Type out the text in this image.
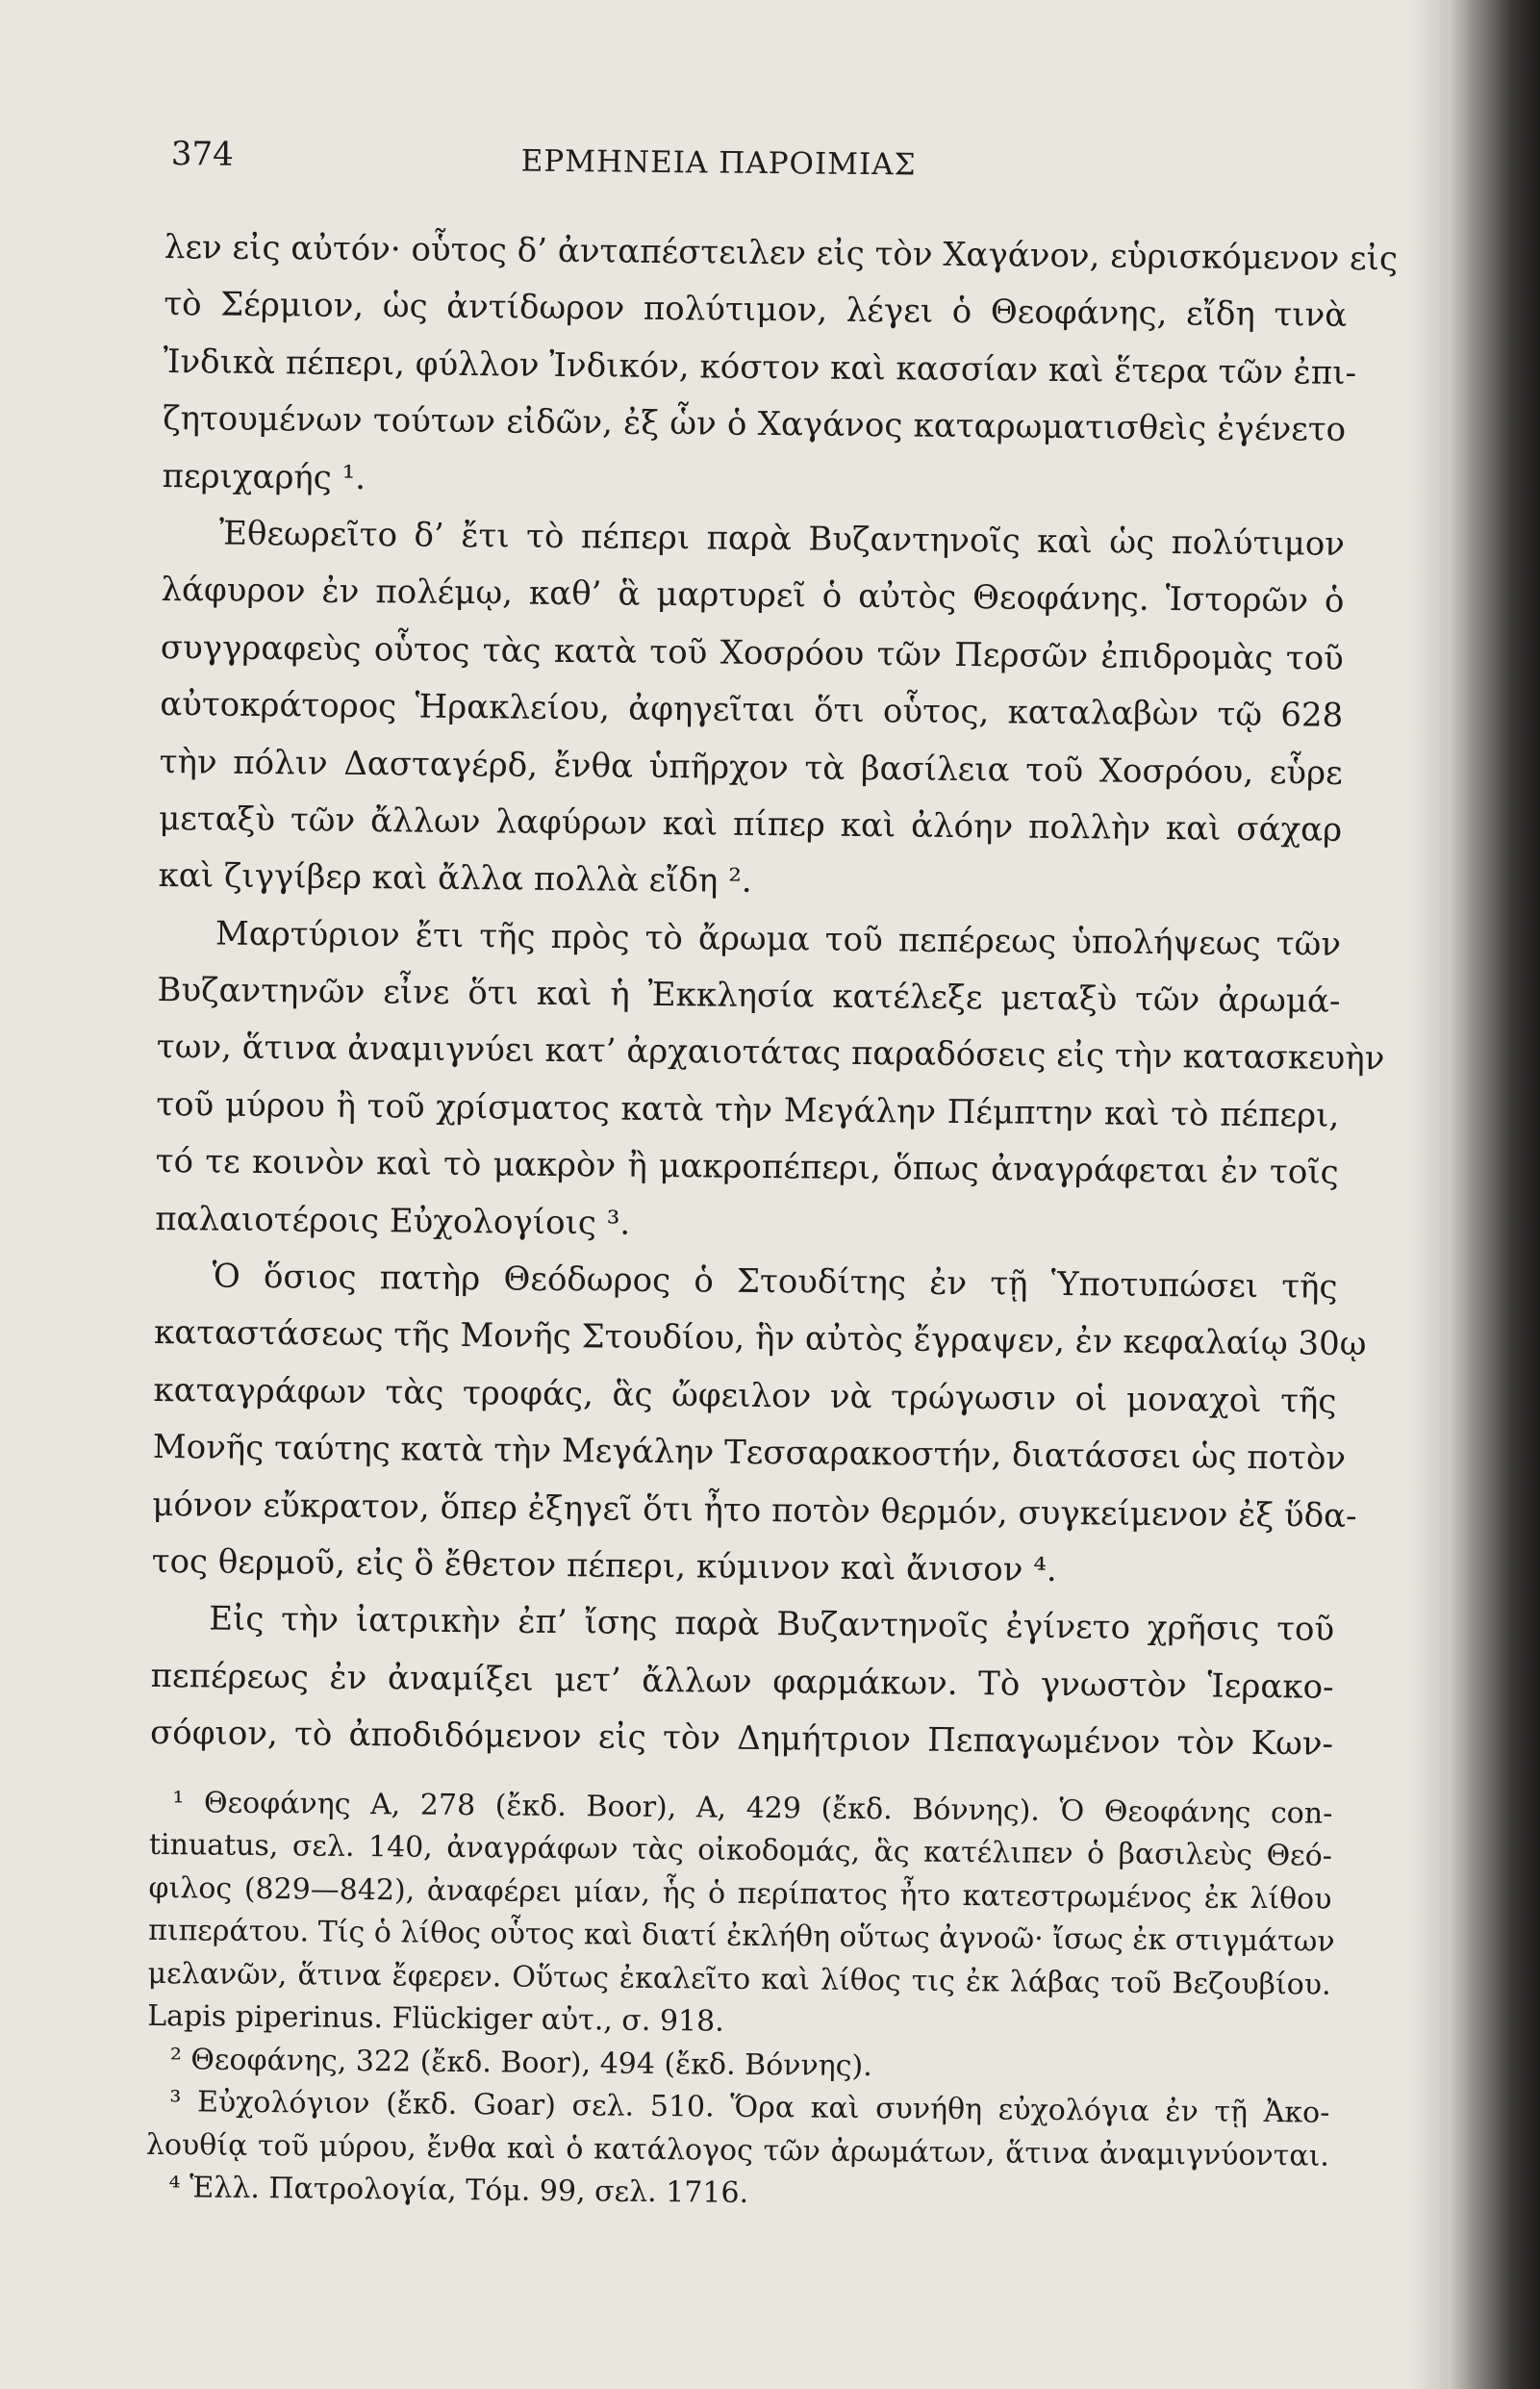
374	ΕΡΜΗΝΕΙΑ ΠΑΡΟΙΜΙΑΣ
λεν εἰς αὐτόν· οὗτος δ’ ἀνταπέστειλεν εἰς τὸν Χαγάνον, εὑρισκόμενον εἰς
τὸ Σέρμιον, ὡς ἀντίδωρον πολύτιμον, λέγει ὁ Θεοφάνης, εἴδη τινὰ
Ἰνδικὰ πέπερι, φύλλον Ἰνδικόν, κόστον καὶ κασσίαν καὶ ἕτερα τῶν ἐπι-
ζητουμένων τούτων εἰδῶν, ἐξ ὧν ὁ Χαγάνος καταρωματισθεὶς ἐγένετο
περιχαρής ¹.
Ἐθεωρεῖτο δ’ ἔτι τὸ πέπερι παρὰ Βυζαντηνοῖς καὶ ὡς πολύτιμον
λάφυρον ἐν πολέμῳ, καθ’ ἃ μαρτυρεῖ ὁ αὐτὸς Θεοφάνης. Ἱστορῶν ὁ
συγγραφεὺς οὗτος τὰς κατὰ τοῦ Χοσρόου τῶν Περσῶν ἐπιδρομὰς τοῦ
αὐτοκράτορος Ἡρακλείου, ἀφηγεῖται ὅτι οὗτος, καταλαβὼν τῷ 628
τὴν πόλιν Δασταγέρδ, ἔνθα ὑπῆρχον τὰ βασίλεια τοῦ Χοσρόου, εὗρε
μεταξὺ τῶν ἄλλων λαφύρων καὶ πίπερ καὶ ἀλόην πολλὴν καὶ σάχαρ
καὶ ζιγγίβερ καὶ ἄλλα πολλὰ εἴδη ².
Μαρτύριον ἔτι τῆς πρὸς τὸ ἄρωμα τοῦ πεπέρεως ὑπολήψεως τῶν
Βυζαντηνῶν εἶνε ὅτι καὶ ἡ Ἐκκλησία κατέλεξε μεταξὺ τῶν ἀρωμά-
των, ἅτινα ἀναμιγνύει κατ’ ἀρχαιοτάτας παραδόσεις εἰς τὴν κατασκευὴν
τοῦ μύρου ἢ τοῦ χρίσματος κατὰ τὴν Μεγάλην Πέμπτην καὶ τὸ πέπερι,
τό τε κοινὸν καὶ τὸ μακρὸν ἢ μακροπέπερι, ὅπως ἀναγράφεται ἐν τοῖς
παλαιοτέροις Εὐχολογίοις ³.
Ὁ ὅσιος πατὴρ Θεόδωρος ὁ Στουδίτης ἐν τῇ Ὑποτυπώσει τῆς
καταστάσεως τῆς Μονῆς Στουδίου, ἣν αὐτὸς ἔγραψεν, ἐν κεφαλαίῳ 30ῳ
καταγράφων τὰς τροφάς, ἃς ὤφειλον νὰ τρώγωσιν οἱ μοναχοὶ τῆς
Μονῆς ταύτης κατὰ τὴν Μεγάλην Τεσσαρακοστήν, διατάσσει ὡς ποτὸν
μόνον εὔκρατον, ὅπερ ἐξηγεῖ ὅτι ἦτο ποτὸν θερμόν, συγκείμενον ἐξ ὕδα-
τος θερμοῦ, εἰς ὃ ἔθετον πέπερι, κύμινον καὶ ἄνισον ⁴.
Εἰς τὴν ἰατρικὴν ἐπ’ ἴσης παρὰ Βυζαντηνοῖς ἐγίνετο χρῆσις τοῦ
πεπέρεως ἐν ἀναμίξει μετ’ ἄλλων φαρμάκων. Τὸ γνωστὸν Ἱερακο-
σόφιον, τὸ ἀποδιδόμενον εἰς τὸν Δημήτριον Πεπαγωμένον τὸν Κων-
¹ Θεοφάνης Α, 278 (ἔκδ. Boor), Α, 429 (ἔκδ. Βόννης). Ὁ Θεοφάνης con-
tinuatus, σελ. 140, ἀναγράφων τὰς οἰκοδομάς, ἃς κατέλιπεν ὁ βασιλεὺς Θεό-
φιλος (829—842), ἀναφέρει μίαν, ἧς ὁ περίπατος ἦτο κατεστρωμένος ἐκ λίθου
πιπεράτου. Τίς ὁ λίθος οὗτος καὶ διατί ἐκλήθη οὕτως ἀγνοῶ· ἴσως ἐκ στιγμάτων
μελανῶν, ἅτινα ἔφερεν. Οὕτως ἐκαλεῖτο καὶ λίθος τις ἐκ λάβας τοῦ Βεζουβίου.
Lapis piperinus. Flückiger αὐτ., σ. 918.
² Θεοφάνης, 322 (ἔκδ. Boor), 494 (ἔκδ. Βόννης).
³ Εὐχολόγιον (ἔκδ. Goar) σελ. 510. Ὅρα καὶ συνήθη εὐχολόγια ἐν τῇ Ἀκο-
λουθίᾳ τοῦ μύρου, ἔνθα καὶ ὁ κατάλογος τῶν ἀρωμάτων, ἅτινα ἀναμιγνύονται.
⁴ Ἑλλ. Πατρολογία, Τόμ. 99, σελ. 1716.
